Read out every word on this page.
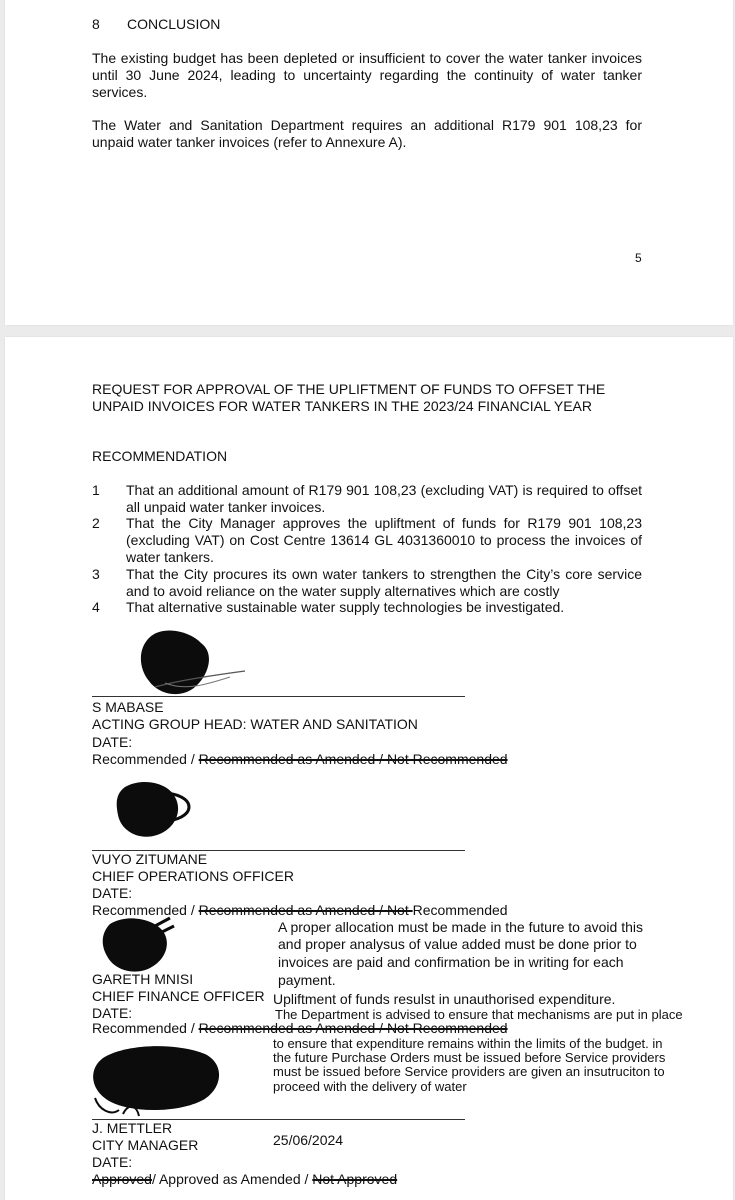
8 CONCLUSION
The existing budget has been depleted or insufficient to cover the water tanker invoices until 30 June 2024, leading to uncertainty regarding the continuity of water tanker services.
The Water and Sanitation Department requires an additional R179 901 108,23 for unpaid water tanker invoices (refer to Annexure A).
5
REQUEST FOR APPROVAL OF THE UPLIFTMENT OF FUNDS TO OFFSET THE
UNPAID INVOICES FOR WATER TANKERS IN THE 2023/24 FINANCIAL YEAR
RECOMMENDATION
1 That an additional amount of R179 901 108,23 (excluding VAT) is required to offset all unpaid water tanker invoices.
2 That the City Manager approves the upliftment of funds for R179 901 108,23 (excluding VAT) on Cost Centre 13614 GL 4031360010 to process the invoices of water tankers.
3 That the City procures its own water tankers to strengthen the City’s core service and to avoid reliance on the water supply alternatives which are costly
4 That alternative sustainable water supply technologies be investigated.
S MABASE
ACTING GROUP HEAD: WATER AND SANITATION
DATE:
Recommended / Recommended as Amended / Not Recommended
VUYO ZITUMANE
CHIEF OPERATIONS OFFICER
DATE:
Recommended / Recommended as Amended / Not Recommended
GARETH MNISI
CHIEF FINANCE OFFICER
DATE:
Recommended / Recommended as Amended / Not Recommended
A proper allocation must be made in the future to avoid this
and proper analysus of value added must be done prior to
invoices are paid and confirmation be in writing for each
payment.
Upliftment of funds resulst in unauthorised expenditure.
The Department is advised to ensure that mechanisms are put in place
to ensure that expenditure remains within the limits of the budget. in
the future Purchase Orders must be issued before Service providers
must be issued before Service providers are given an insutruciton to
proceed with the delivery of water
J. METTLER
CITY MANAGER
DATE:
25/06/2024
Approved/ Approved as Amended / Not Approved
